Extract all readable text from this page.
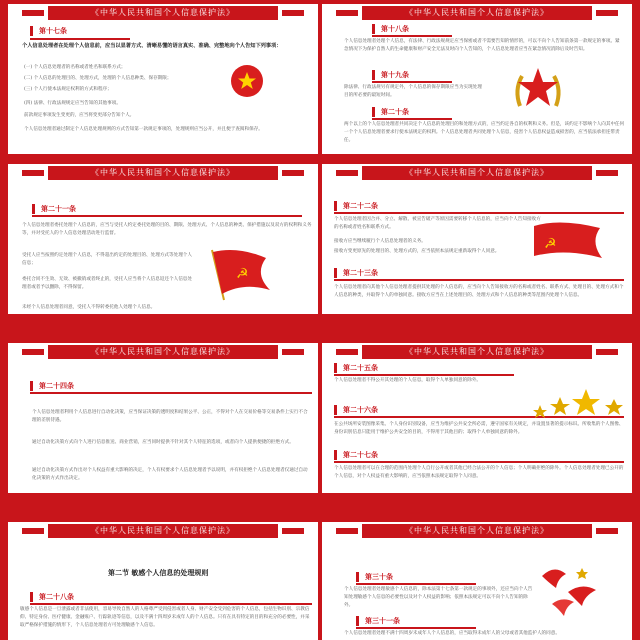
《中华人民共和国个人信息保护法》
第十七条
个人信息处理者在处理个人信息前，应当以显著方式、清晰易懂的语言真实、准确、完整地向个人告知下列事项：
(一) 个人信息处理者的名称或者姓名和联系方式；
(二) 个人信息的处理目的、处理方式，处理的个人信息种类、保存期限；
(三) 个人行使本法规定权利的方式和程序；
(四) 法律、行政法规规定应当告知的其他事项。
前款规定事项发生变更的，应当将变更部分告知个人。
个人信息处理者通过制定个人信息处理规则的方式告知第一款规定事项的，处理规则应当公开，并且便于查阅和保存。
《中华人民共和国个人信息保护法》
第十八条
个人信息处理者处理个人信息，有法律、行政法规规定应当保密或者不需要告知的情形的，可以不向个人告知前条第一款规定的事项。紧急情况下为保护自然人的生命健康和财产安全无法及时向个人告知的，个人信息处理者应当在紧急情况消除后及时告知。
第十九条
除法律、行政法规另有规定外，个人信息的保存期限应当为实现处理目的所必要的最短时间。
第二十条
两个以上的个人信息处理者共同决定个人信息的处理目的和处理方式的，应当约定各自的权利和义务。但是，该约定不影响个人向其中任何一个个人信息处理者要求行使本法规定的权利。个人信息处理者共同处理个人信息，侵害个人信息权益造成损害的，应当依法承担连带责任。
《中华人民共和国个人信息保护法》
第二十一条
个人信息处理者委托处理个人信息的，应当与受托人约定委托处理的目的、期限、处理方式、个人信息的种类、保护措施以及双方的权利和义务等，并对受托人的个人信息处理活动进行监督。
受托人应当按照约定处理个人信息，不得超出约定的处理目的、处理方式等处理个人信息；
委托合同不生效、无效、被撤销或者终止的，受托人应当将个人信息返还个人信息处理者或者予以删除，不得保留。
未经个人信息处理者同意，受托人不得转委托他人处理个人信息。
☭
《中华人民共和国个人信息保护法》
第二十二条
个人信息处理者因合并、分立、解散、被宣告破产等原因需要转移个人信息的，应当向个人告知接收方的名称或者姓名和联系方式。
接收方应当继续履行个人信息处理者的义务。
接收方变更原先的处理目的、处理方式的，应当依照本法规定重新取得个人同意。
第二十三条
个人信息处理者向其他个人信息处理者提供其处理的个人信息的，应当向个人告知接收方的名称或者姓名、联系方式、处理目的、处理方式和个人信息的种类，并取得个人的单独同意。接收方应当在上述处理目的、处理方式和个人信息的种类等范围内处理个人信息。
☭
《中华人民共和国个人信息保护法》
第二十四条
个人信息处理者利用个人信息进行自动化决策，应当保证决策的透明度和结果公平、公正，不得对个人在交易价格等交易条件上实行不合理的差别待遇。
通过自动化决策方式向个人进行信息推送、商业营销，应当同时提供不针对其个人特征的选项，或者向个人提供便捷的拒绝方式。
通过自动化决策方式作出对个人权益有重大影响的决定，个人有权要求个人信息处理者予以说明，并有权拒绝个人信息处理者仅通过自动化决策的方式作出决定。
《中华人民共和国个人信息保护法》
第二十五条
个人信息处理者不得公开其处理的个人信息，取得个人单独同意的除外。
第二十六条
在公共场所安装图像采集、个人身份识别设备，应当为维护公共安全所必需，遵守国家有关规定，并设置显著的提示标识。所收集的个人图像、身份识别信息只能用于维护公共安全的目的，不得用于其他目的；取得个人单独同意的除外。
第二十七条
个人信息处理者可以在合理的范围内处理个人自行公开或者其他已经合法公开的个人信息；个人明确拒绝的除外。个人信息处理者处理已公开的个人信息，对个人权益有重大影响的，应当依照本法规定取得个人同意。
《中华人民共和国个人信息保护法》
第二节 敏感个人信息的处理规则
第二十八条
敏感个人信息是一旦泄露或者非法使用，容易导致自然人的人格尊严受到侵害或者人身、财产安全受到危害的个人信息，包括生物识别、宗教信仰、特定身份、医疗健康、金融账户、行踪轨迹等信息，以及不满十四周岁未成年人的个人信息。只有在具有特定的目的和充分的必要性，并采取严格保护措施的情形下，个人信息处理者方可处理敏感个人信息。
《中华人民共和国个人信息保护法》
第三十条
个人信息处理者处理敏感个人信息的，除本法第十七条第一款规定的事项外，还应当向个人告知处理敏感个人信息的必要性以及对个人权益的影响；依照本法规定可以不向个人告知的除外。
第三十一条
个人信息处理者处理不满十四周岁未成年人个人信息的，应当取得未成年人的父母或者其他监护人的同意。
